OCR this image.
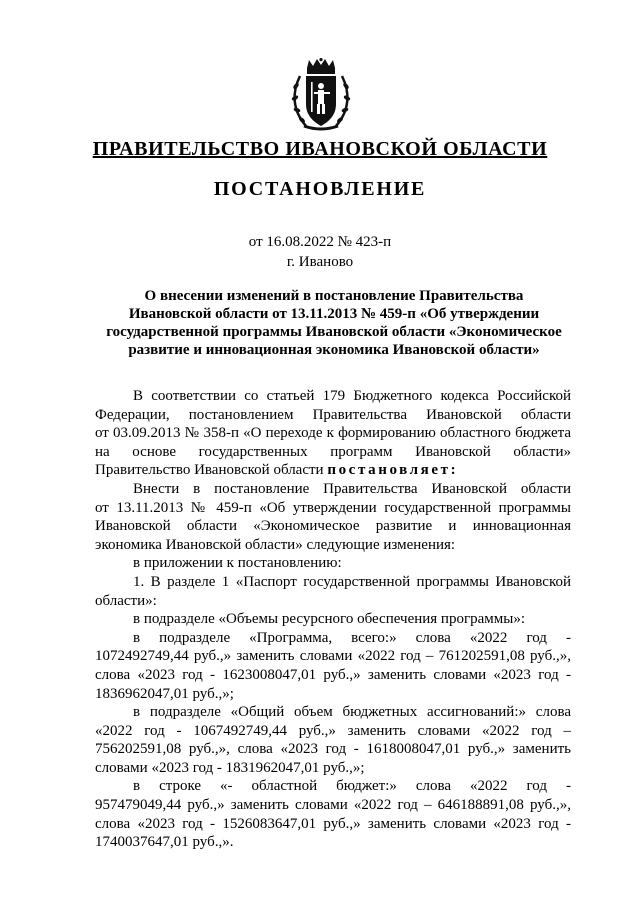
ПРАВИТЕЛЬСТВО ИВАНОВСКОЙ ОБЛАСТИ
ПОСТАНОВЛЕНИЕ
от 16.08.2022 № 423-п
г. Иваново
О внесении изменений в постановление Правительства
Ивановской области от 13.11.2013 № 459-п «Об утверждении
государственной программы Ивановской области «Экономическое
развитие и инновационная экономика Ивановской области»

В соответствии со статьей 179 Бюджетного кодекса Российской

Федерации, постановлением Правительства Ивановской области

от 03.09.2013 № 358-п «О переходе к формированию областного бюджета

на основе государственных программ Ивановской области»

Правительство Ивановской области постановляет:

Внести в постановление Правительства Ивановской области

от 13.11.2013 № 459-п «Об утверждении государственной программы

Ивановской области «Экономическое развитие и инновационная

экономика Ивановской области» следующие изменения:

в приложении к постановлению:

1. В разделе 1 «Паспорт государственной программы Ивановской

области»:

в подразделе «Объемы ресурсного обеспечения программы»:

в подразделе «Программа, всего:» слова «2022 год -

1072492749,44 руб.,» заменить словами «2022 год – 761202591,08 руб.,»,

слова «2023 год - 1623008047,01 руб.,» заменить словами «2023 год -

1836962047,01 руб.,»;

в подразделе «Общий объем бюджетных ассигнований:» слова

«2022 год - 1067492749,44 руб.,» заменить словами «2022 год –

756202591,08 руб.,», слова «2023 год - 1618008047,01 руб.,» заменить

словами «2023 год - 1831962047,01 руб.,»;

в строке «- областной бюджет:» слова «2022 год -

957479049,44 руб.,» заменить словами «2022 год – 646188891,08 руб.,»,

слова «2023 год - 1526083647,01 руб.,» заменить словами «2023 год -

1740037647,01 руб.,».
